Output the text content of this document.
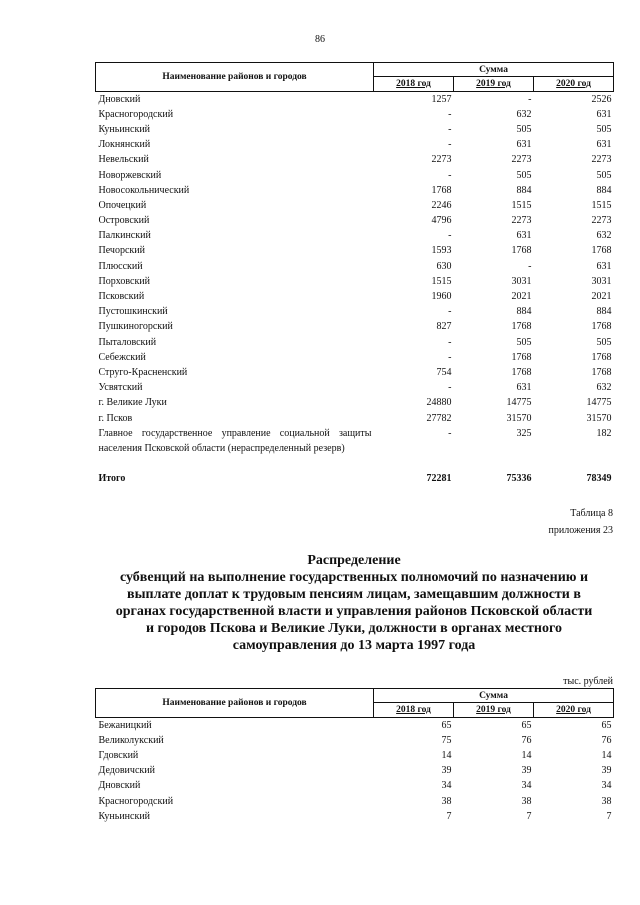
86
Наименование районов и городов	Сумма		
	2018 год	2019 год	2020 год
Дновский	1257	-	2526
Красногородский	-	632	631
Куньинский	-	505	505
Локнянский	-	631	631
Невельский	2273	2273	2273
Новоржевский	-	505	505
Новосокольнический	1768	884	884
Опочецкий	2246	1515	1515
Островский	4796	2273	2273
Палкинский	-	631	632
Печорский	1593	1768	1768
Плюсский	630	-	631
Порховский	1515	3031	3031
Псковский	1960	2021	2021
Пустошкинский	-	884	884
Пушкиногорский	827	1768	1768
Пыталовский	-	505	505
Себежский	-	1768	1768
Струго-Красненский	754	1768	1768
Усвятский	-	631	632
г. Великие Луки	24880	14775	14775
г. Псков	27782	31570	31570
Главное государственное управление социальной защиты населения Псковской области (нераспределенный резерв)	-	325	182
Итого	72281	75336	78349
Таблица 8
приложения 23
Распределение
субвенций на выполнение государственных полномочий по назначению и
выплате доплат к трудовым пенсиям лицам, замещавшим должности в
органах государственной власти и управления районов Псковской области
и городов Пскова и Великие Луки, должности в органах местного
самоуправления до 13 марта 1997 года
тыс. рублей
Наименование районов и городов	Сумма		
	2018 год	2019 год	2020 год
Бежаницкий	65	65	65
Великолукский	75	76	76
Гдовский	14	14	14
Дедовичский	39	39	39
Дновский	34	34	34
Красногородский	38	38	38
Куньинский	7	7	7
